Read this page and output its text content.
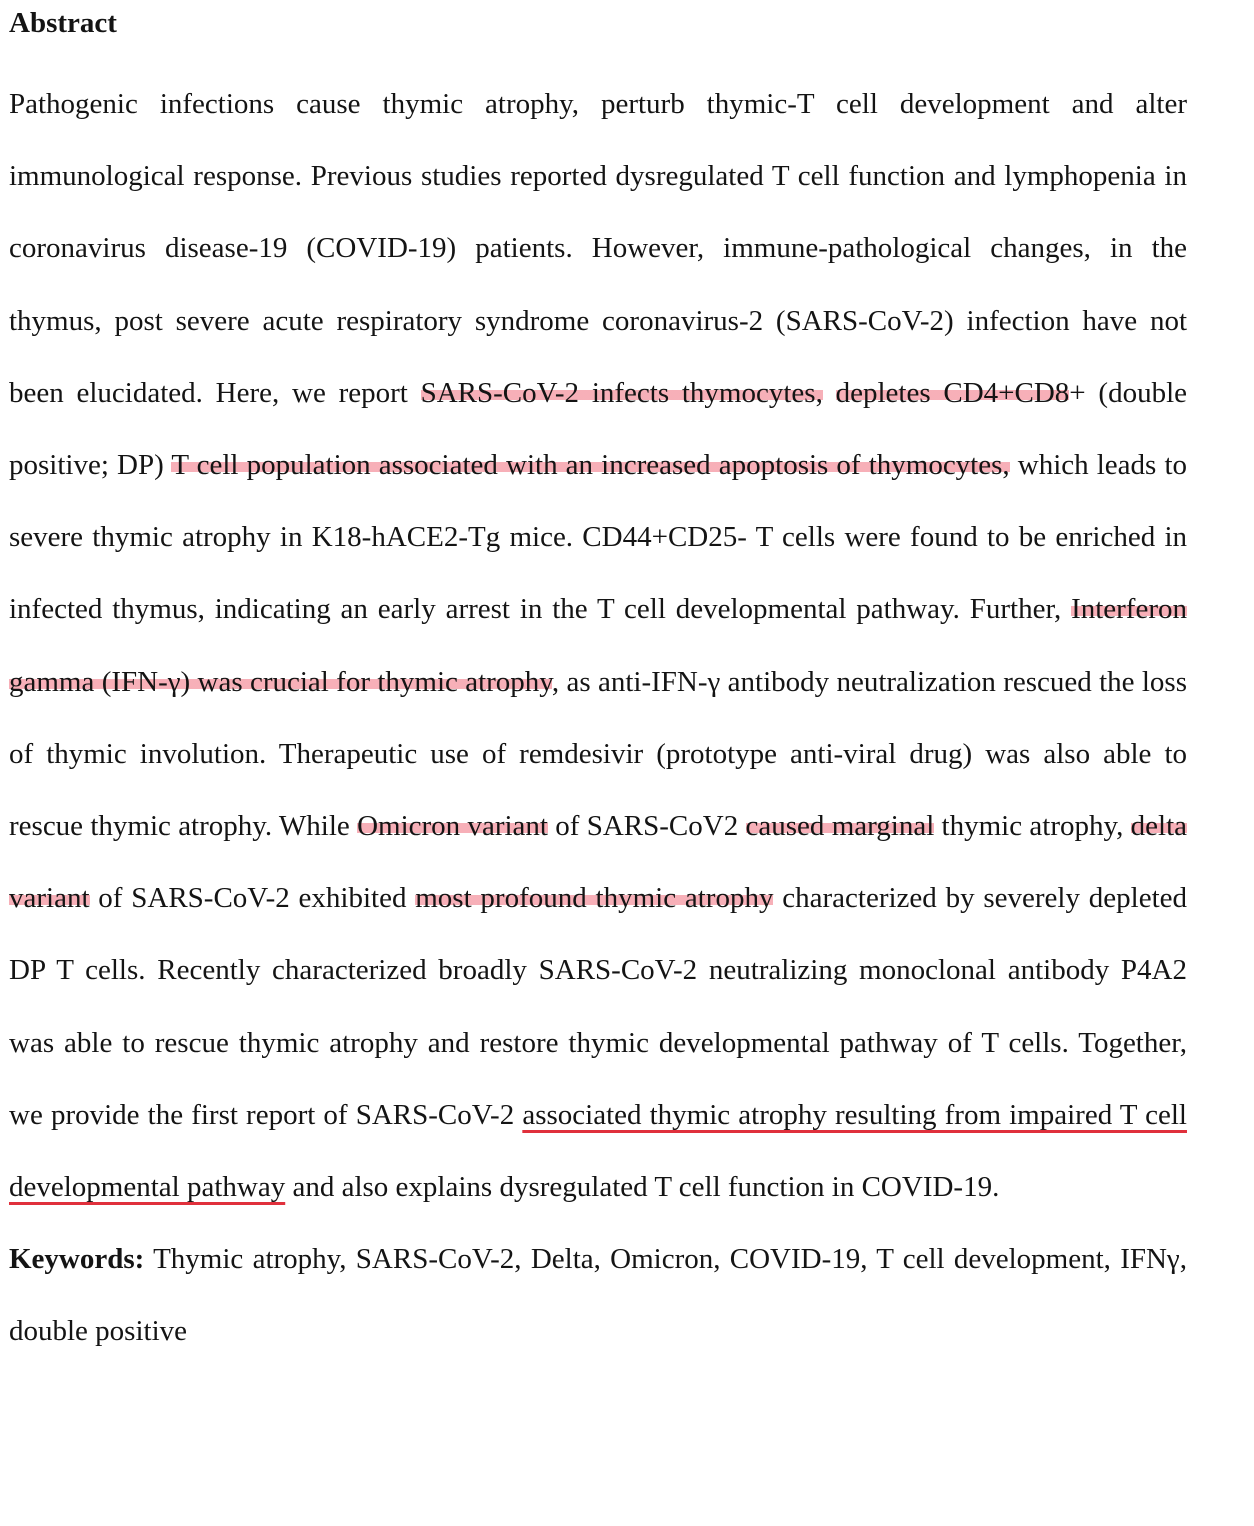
Abstract

Pathogenic infections cause thymic atrophy, perturb thymic-T cell development and alter immunological response. Previous studies reported dysregulated T cell function and lymphopenia in coronavirus disease-19 (COVID-19) patients. However, immune-pathological changes, in the thymus, post severe acute respiratory syndrome coronavirus-2 (SARS-CoV-2) infection have not been elucidated. Here, we report SARS-CoV-2 infects thymocytes, depletes CD4+CD8+ (double positive; DP) T cell population associated with an increased apoptosis of thymocytes, which leads to severe thymic atrophy in K18-hACE2-Tg mice. CD44+CD25- T cells were found to be enriched in infected thymus, indicating an early arrest in the T cell developmental pathway. Further, Interferon gamma (IFN-γ) was crucial for thymic atrophy, as anti-IFN-γ antibody neutralization rescued the loss of thymic involution. Therapeutic use of remdesivir (prototype anti-viral drug) was also able to rescue thymic atrophy. While Omicron variant of SARS-CoV2 caused marginal thymic atrophy, delta variant of SARS-CoV-2 exhibited most profound thymic atrophy characterized by severely depleted DP T cells. Recently characterized broadly SARS-CoV-2 neutralizing monoclonal antibody P4A2 was able to rescue thymic atrophy and restore thymic developmental pathway of T cells. Together, we provide the first report of SARS-CoV-2 associated thymic atrophy resulting from impaired T cell developmental pathway and also explains dysregulated T cell function in COVID-19.

Keywords: Thymic atrophy, SARS-CoV-2, Delta, Omicron, COVID-19, T cell development, IFNγ, double positive
